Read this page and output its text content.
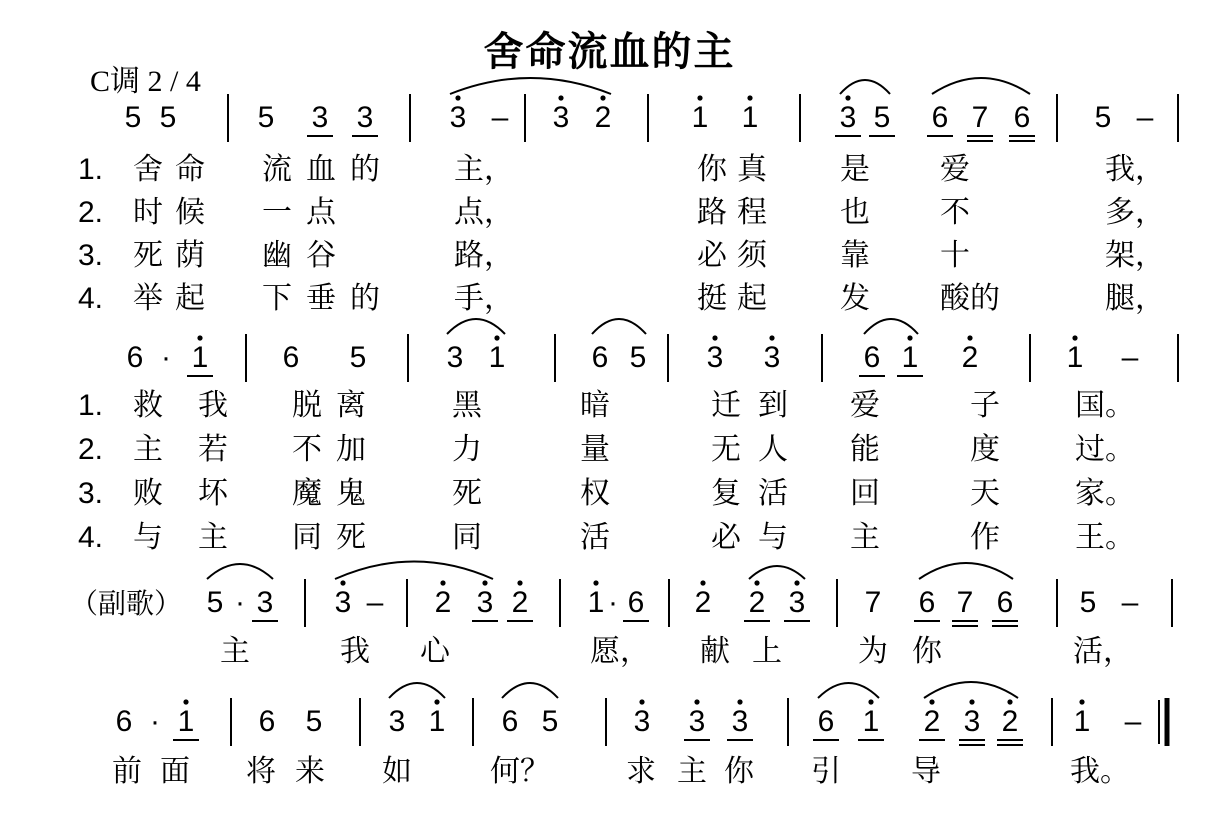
舍命流血的主
C调 2 / 4
（副歌）
5 5	5 3 3	3 – 3 2	1 1	3 5 6 7 6 5 –
1. 舍 命 流 血 的 主，	你 真 是 爱	我，
2. 时 候 一 点	点，	路 程 也 不	多，
3. 死 荫 幽 谷	路，	必 须 靠 十	架，
4. 举 起 下 垂 的 手，	挺 起 发 酸的	腿，
6 · 1 6 5	3 1	6 5 3 3	6 1 2	1 –
1. 救 我 脱 离	黑	暗	迁 到 爱	子	国。
2. 主 若 不 加	力	量	无 人 能	度	过。
3. 败 坏 魔 鬼	死	权	复 活 回	天	家。
4. 与 主 同 死	同	活	必 与 主	作	王。
5 · 3 3 – 2 3 2 1 · 6 2 2 3 7 6 7 6 5 –
主	我 心	愿， 献 上	为 你	活，
6 · 1 6 5 3 1 6 5	3 3 3 6 1 2 3 2 1 –
前 面 将 来 如	何？	求 主 你 引 导	我。
